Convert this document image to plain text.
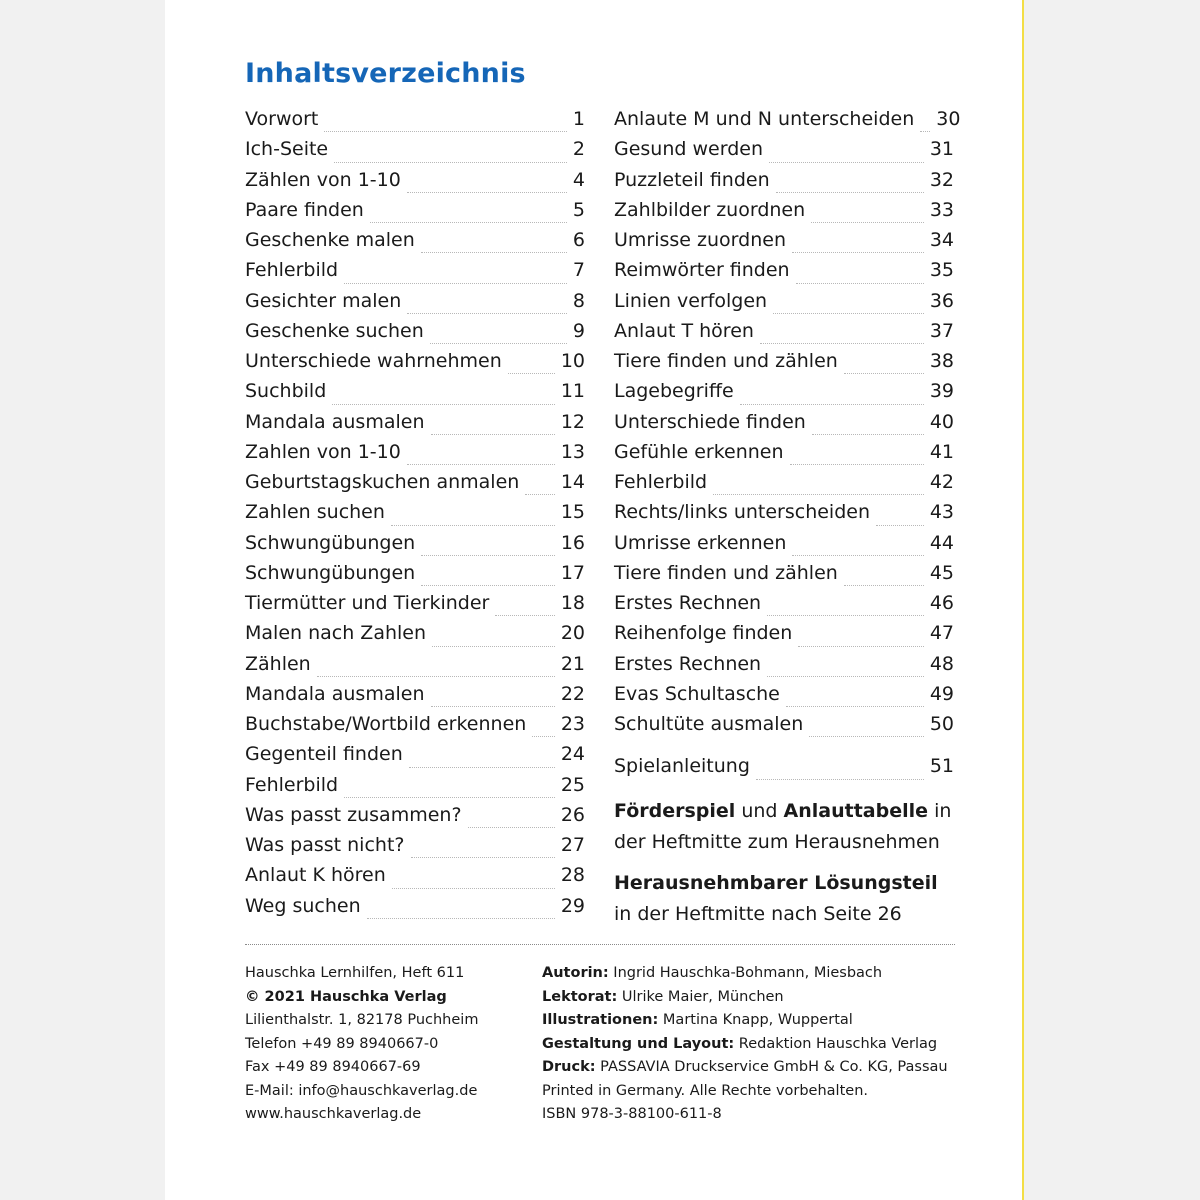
Inhaltsverzeichnis
Vorwort	1
Ich-Seite	2
Zählen von 1-10	4
Paare finden	5
Geschenke malen	6
Fehlerbild	7
Gesichter malen	8
Geschenke suchen	9
Unterschiede wahrnehmen	10
Suchbild	11
Mandala ausmalen	12
Zahlen von 1-10	13
Geburtstagskuchen anmalen 14
Zahlen suchen	15
Schwungübungen	16
Schwungübungen	17
Tiermütter und Tierkinder	18
Malen nach Zahlen	20
Zählen	21
Mandala ausmalen	22
Buchstabe/Wortbild erkennen 23
Gegenteil finden	24
Fehlerbild	25
Was passt zusammen?	26
Was passt nicht?	27
Anlaut K hören	28
Weg suchen	29
Anlaute M und N unterscheiden 30
Gesund werden	31
Puzzleteil finden	32
Zahlbilder zuordnen	33
Umrisse zuordnen	34
Reimwörter finden	35
Linien verfolgen	36
Anlaut T hören	37
Tiere finden und zählen	38
Lagebegriffe	39
Unterschiede finden	40
Gefühle erkennen	41
Fehlerbild	42
Rechts/links unterscheiden	43
Umrisse erkennen	44
Tiere finden und zählen	45
Erstes Rechnen	46
Reihenfolge finden	47
Erstes Rechnen	48
Evas Schultasche	49
Schultüte ausmalen	50
Spielanleitung	51
Förderspiel und Anlauttabelle in der Heftmitte zum Herausnehmen
Herausnehmbarer Lösungsteil
in der Heftmitte nach Seite 26
Hauschka Lernhilfen, Heft 611
© 2021 Hauschka Verlag
Lilienthalstr. 1, 82178 Puchheim
Telefon +49 89 8940667-0
Fax +49 89 8940667-69
E-Mail: info@hauschkaverlag.de
www.hauschkaverlag.de
Autorin: Ingrid Hauschka-Bohmann, Miesbach
Lektorat: Ulrike Maier, München
Illustrationen: Martina Knapp, Wuppertal
Gestaltung und Layout: Redaktion Hauschka Verlag
Druck: PASSAVIA Druckservice GmbH & Co. KG, Passau
Printed in Germany. Alle Rechte vorbehalten.
ISBN 978-3-88100-611-8
